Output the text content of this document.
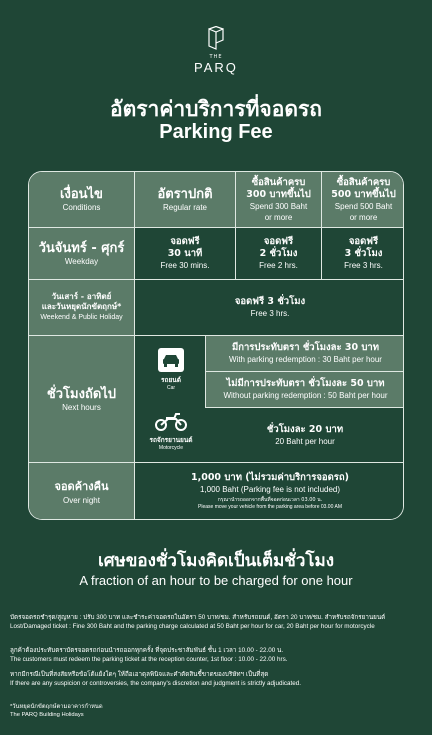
THE
PARQ
อัตราค่าบริการที่จอดรถ
Parking Fee
เงื่อนไข
Conditions
อัตราปกติ
Regular rate
ซื้อสินค้าครบ
300 บาทขึ้นไป
Spend 300 Baht
or more
ซื้อสินค้าครบ
500 บาทขึ้นไป
Spend 500 Baht
or more
วันจันทร์ - ศุกร์
Weekday
จอดฟรี
30 นาที
Free 30 mins.
จอดฟรี
2 ชั่วโมง
Free 2 hrs.
จอดฟรี
3 ชั่วโมง
Free 3 hrs.
วันเสาร์ - อาทิตย์
และวันหยุดนักขัตฤกษ์*
Weekend & Public Holiday
จอดฟรี 3 ชั่วโมง
Free 3 hrs.
ชั่วโมงถัดไป
Next hours
รถยนต์
Car
รถจักรยานยนต์
Motorcycle
มีการประทับตรา ชั่วโมงละ 30 บาท
With parking redemption : 30 Baht per hour
ไม่มีการประทับตรา ชั่วโมงละ 50 บาท
Without parking redemption : 50 Baht per hour
ชั่วโมงละ 20 บาท
20 Baht per hour
จอดค้างคืน
Over night
1,000 บาท (ไม่รวมค่าบริการจอดรถ)
1,000 Baht (Parking fee is not included)
กรุณานำรถออกจากพื้นที่จอดก่อนเวลา 03.00 น.
Please move your vehicle from the parking area before 03.00 AM
เศษของชั่วโมงคิดเป็นเต็มชั่วโมง
A fraction of an hour to be charged for one hour
บัตรจอดรถชำรุด/สูญหาย : ปรับ 300 บาท และชำระค่าจอดรถในอัตรา 50 บาท/ชม. สำหรับรถยนต์, อัตรา 20 บาท/ชม. สำหรับรถจักรยานยนต์
Lost/Damaged ticket : Fine 300 Baht and the parking charge calculated at 50 Baht per hour for car, 20 Baht per hour for motorcycle
ลูกค้าต้องประทับตราบัตรจอดรถก่อนนำรถออกทุกครั้ง ที่จุดประชาสัมพันธ์ ชั้น 1 เวลา 10.00 - 22.00 น.
The customers must redeem the parking ticket at the reception counter, 1st floor : 10.00 - 22.00 hrs.
หากมีกรณีเป็นที่สงสัยหรือข้อโต้แย้งใดๆ ให้ถือเอาดุลพินิจและคำตัดสินชี้ขาดของบริษัทฯ เป็นที่สุด
If there are any suspicion or controversies, the company's discretion and judgment is strictly adjudicated.
*วันหยุดนักขัตฤกษ์ตามอาคารกำหนด
The PARQ Building Holidays
